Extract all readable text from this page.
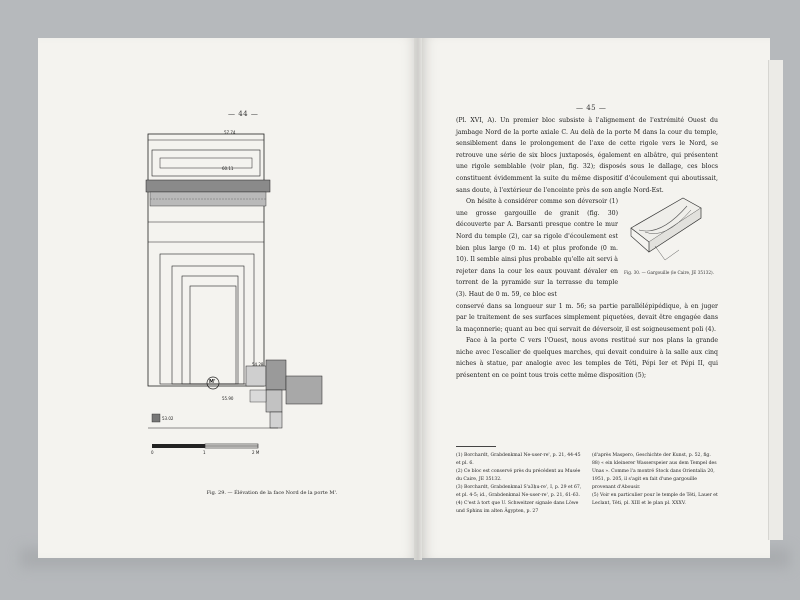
— 44 —
57.74
60.11
54.28
55.90
53.02
M'
0	1	2 M
Fig. 29. — Élévation de la face Nord de la porte M'.
— 45 —

(Pl. XVI, A). Un premier bloc subsiste à l'alignement de l'extrémité Ouest du jambage Nord de la porte axiale C. Au delà de la porte M dans la cour du temple, sensiblement dans le prolongement de l'axe de cette rigole vers le Nord, se retrouve une série de six blocs juxtaposés, également en albâtre, qui présentent une rigole semblable (voir plan, fig. 32); disposés sous le dallage, ces blocs constituent évidemment la suite du même dispositif d'écoulement qui aboutissait, sans doute, à l'extérieur de l'enceinte près de son angle Nord-Est.

On hésite à considérer comme son déversoir (1) une grosse gargouille de granit (fig. 30) découverte par A. Barsanti presque contre le mur Nord du temple (2), car sa rigole d'écoulement est bien plus large (0 m. 14) et plus profonde (0 m. 10). Il semble ainsi plus probable qu'elle ait servi à rejeter dans la cour les eaux pouvant dévaler en torrent de la pyramide sur la terrasse du temple (3). Haut de 0 m. 59, ce bloc est

conservé dans sa longueur sur 1 m. 56; sa partie parallélépipédique, à en juger par le traitement de ses surfaces simplement piquetées, devait être engagée dans la maçonnerie; quant au bec qui servait de déversoir, il est soigneusement poli (4).

Face à la porte C vers l'Ouest, nous avons restitué sur nos plans la grande niche avec l'escalier de quelques marches, qui devait conduire à la salle aux cinq niches à statue, par analogie avec les temples de Téti, Pépi Ier et Pépi II, qui présentent en ce point tous trois cette même disposition (5);

Fig. 30. — Gargouille (le Caire, JE 35132).

(1) Borchardt, Grabdenkmal Ne-user-re', p. 21, 44-45 et pl. 6.

(2) Ce bloc est conservé près du précédent au Musée du Caire, JE 35132.

(3) Borchardt, Grabdenkmal S'a3ḥu-re', I, p. 29 et 67, et pl. 4-5; id., Grabdenkmal Ne-user-re', p. 21, 61-63.

(4) C'est à tort que U. Schweitzer signale dans Löwe und Sphinx im alten Ägypten, p. 27

(d'après Maspero, Geschichte der Kunst, p. 52, fig. 88) « ein kleinerer Wasserspeier aus dem Tempel des Unas ». Comme l'a montré Stock dans Orientalia 20, 1951, p. 205, il s'agit en fait d'une gargouille provenant d'Abousir.

(5) Voir en particulier pour le temple de Téti, Lauer et Leclant, Téti, pl. XIII et le plan pl. XXXV.
